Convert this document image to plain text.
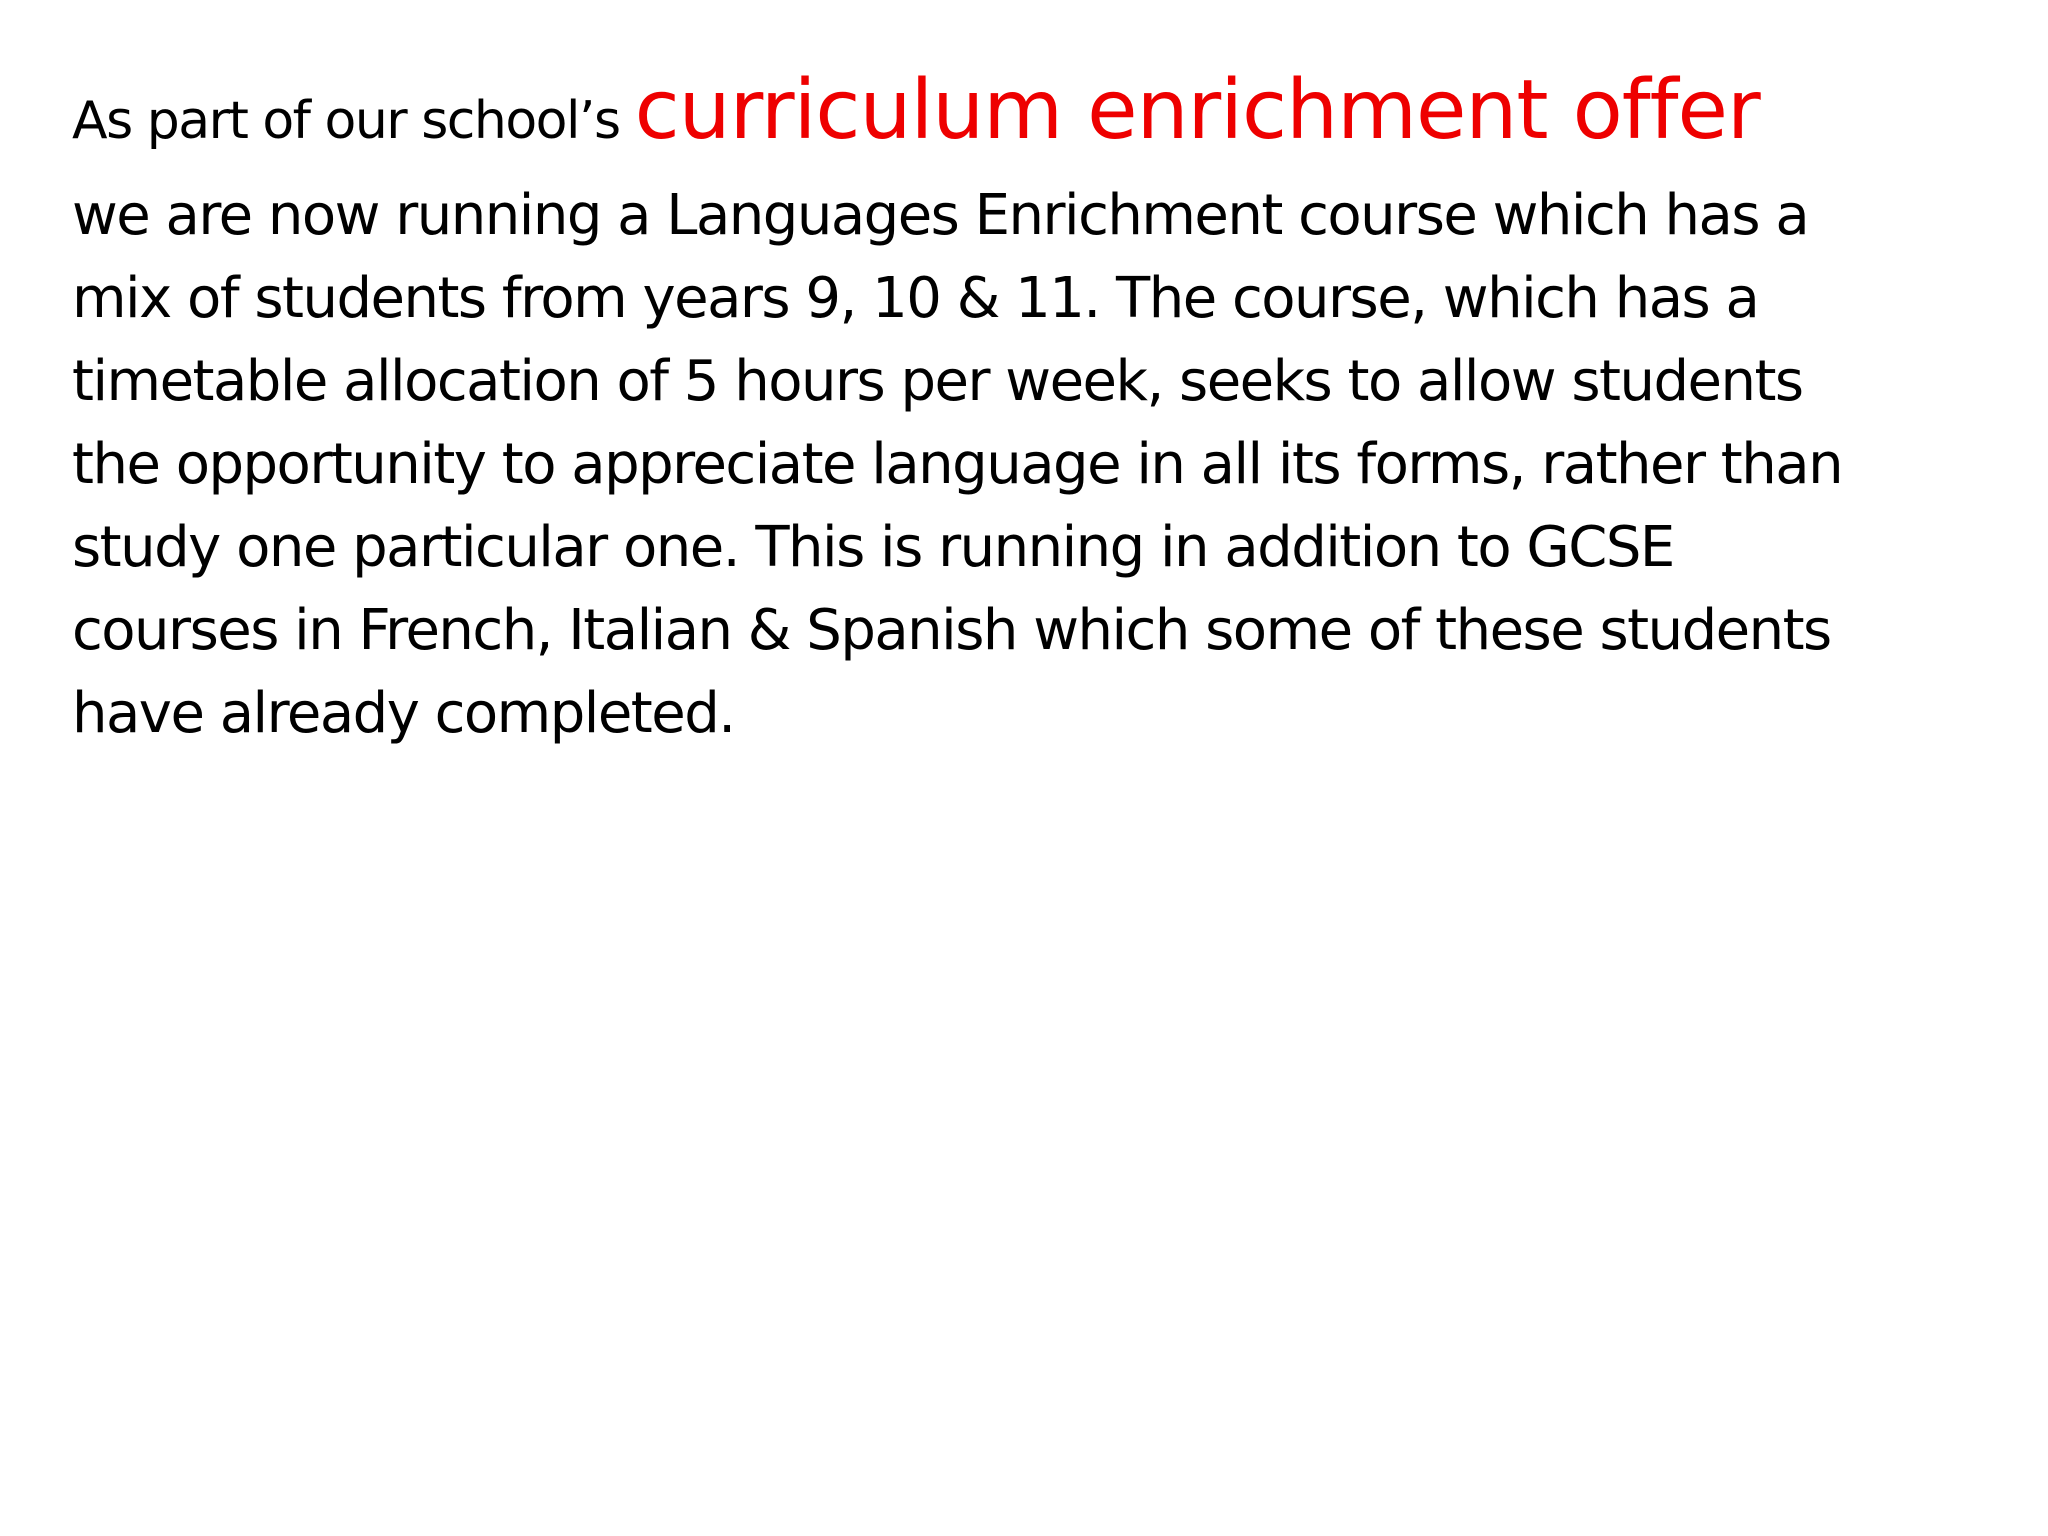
As part of our school’s curriculum enrichment offer
we are now running a Languages Enrichment course which has a
mix of students from years 9, 10 & 11. The course, which has a
timetable allocation of 5 hours per week, seeks to allow students
the opportunity to appreciate language in all its forms, rather than
study one particular one. This is running in addition to GCSE
courses in French, Italian & Spanish which some of these students
have already completed.
